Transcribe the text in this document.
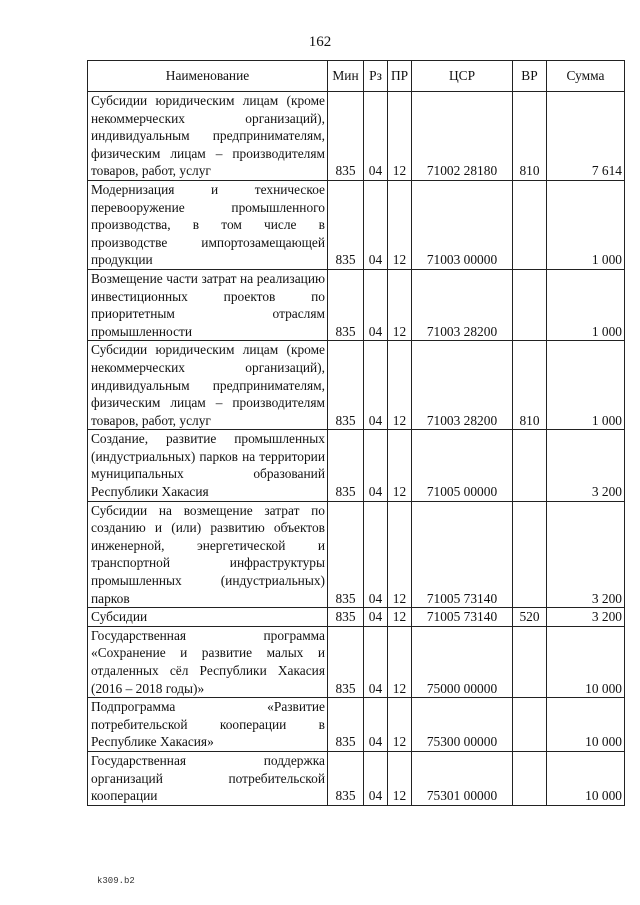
162
Наименование	Мин	Рз	ПР	ЦСР	ВР	Сумма
Субсидии юридическим лицам (кроме некоммерческих организаций), индивидуальным предпринимателям, физическим лицам – производителям товаров, работ, услуг	835	04	12	71002 28180	810	7 614
Модернизация и техническое перевооружение промышленного производства, в том числе в производстве импортозамещающей продукции	835	04	12	71003 00000		1 000
Возмещение части затрат на реализацию инвестиционных проектов по приоритетным отраслям промышленности	835	04	12	71003 28200		1 000
Субсидии юридическим лицам (кроме некоммерческих организаций), индивидуальным предпринимателям, физическим лицам – производителям товаров, работ, услуг	835	04	12	71003 28200	810	1 000
Создание, развитие промышленных (индустриальных) парков на территории муниципальных образований Республики Хакасия	835	04	12	71005 00000		3 200
Субсидии на возмещение затрат по созданию и (или) развитию объектов инженерной, энергетической и транспортной инфраструктуры промышленных (индустриальных) парков	835	04	12	71005 73140		3 200
Субсидии	835	04	12	71005 73140	520	3 200
Государственная программа «Сохранение и развитие малых и отдаленных сёл Республики Хакасия (2016 – 2018 годы)»	835	04	12	75000 00000		10 000
Подпрограмма «Развитие потребительской кооперации в Республике Хакасия»	835	04	12	75300 00000		10 000
Государственная поддержка организаций потребительской кооперации	835	04	12	75301 00000		10 000
k309.b2
